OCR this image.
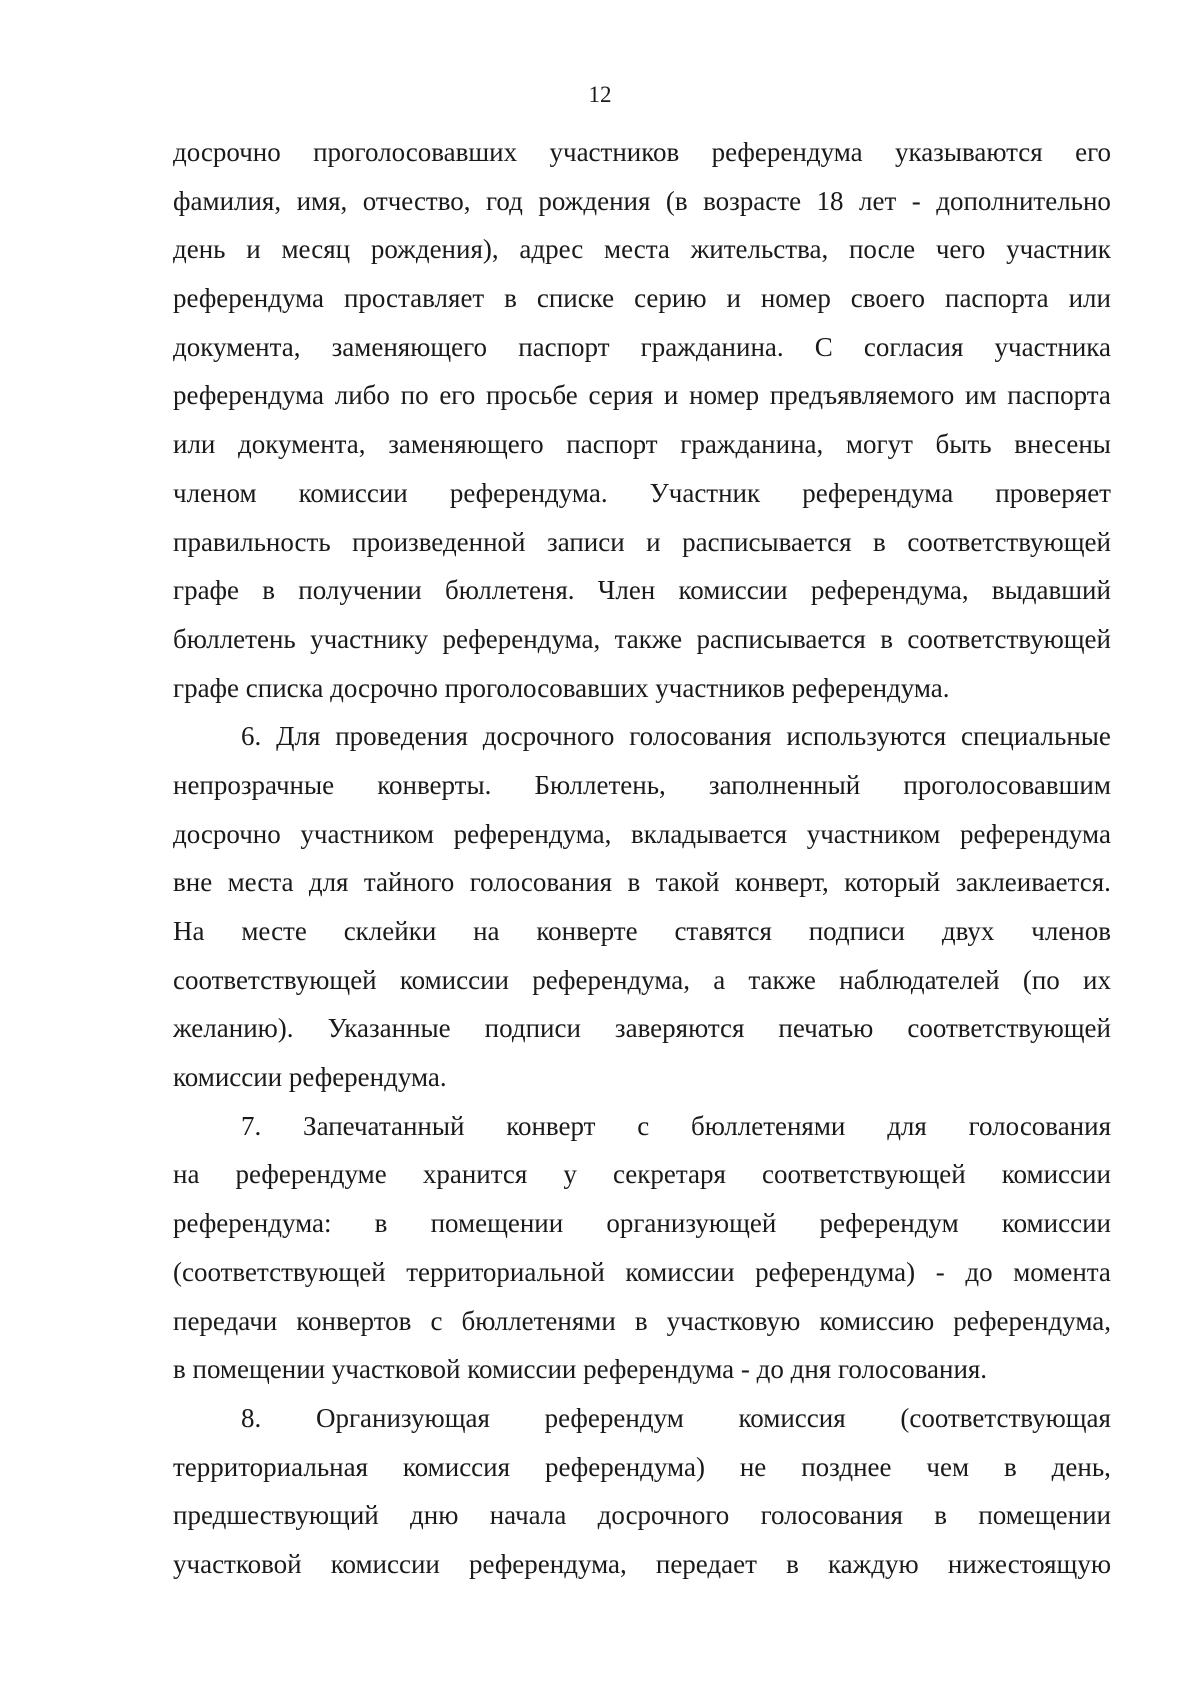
12
досрочно проголосовавших участников референдума указываются его
фамилия, имя, отчество, год рождения (в возрасте 18 лет - дополнительно
день и месяц рождения), адрес места жительства, после чего участник
референдума проставляет в списке серию и номер своего паспорта или
документа, заменяющего паспорт гражданина. С согласия участника
референдума либо по его просьбе серия и номер предъявляемого им паспорта
или документа, заменяющего паспорт гражданина, могут быть внесены
членом комиссии референдума. Участник референдума проверяет
правильность произведенной записи и расписывается в соответствующей
графе в получении бюллетеня. Член комиссии референдума, выдавший
бюллетень участнику референдума, также расписывается в соответствующей
графе списка досрочно проголосовавших участников референдума.
6. Для проведения досрочного голосования используются специальные
непрозрачные конверты. Бюллетень, заполненный проголосовавшим
досрочно участником референдума, вкладывается участником референдума
вне места для тайного голосования в такой конверт, который заклеивается.
На месте склейки на конверте ставятся подписи двух членов
соответствующей комиссии референдума, а также наблюдателей (по их
желанию). Указанные подписи заверяются печатью соответствующей
комиссии референдума.
7. Запечатанный конверт с бюллетенями для голосования
на референдуме хранится у секретаря соответствующей комиссии
референдума: в помещении организующей референдум комиссии
(соответствующей территориальной комиссии референдума) - до момента
передачи конвертов с бюллетенями в участковую комиссию референдума,
в помещении участковой комиссии референдума - до дня голосования.
8. Организующая референдум комиссия (соответствующая
территориальная комиссия референдума) не позднее чем в день,
предшествующий дню начала досрочного голосования в помещении
участковой комиссии референдума, передает в каждую нижестоящую
